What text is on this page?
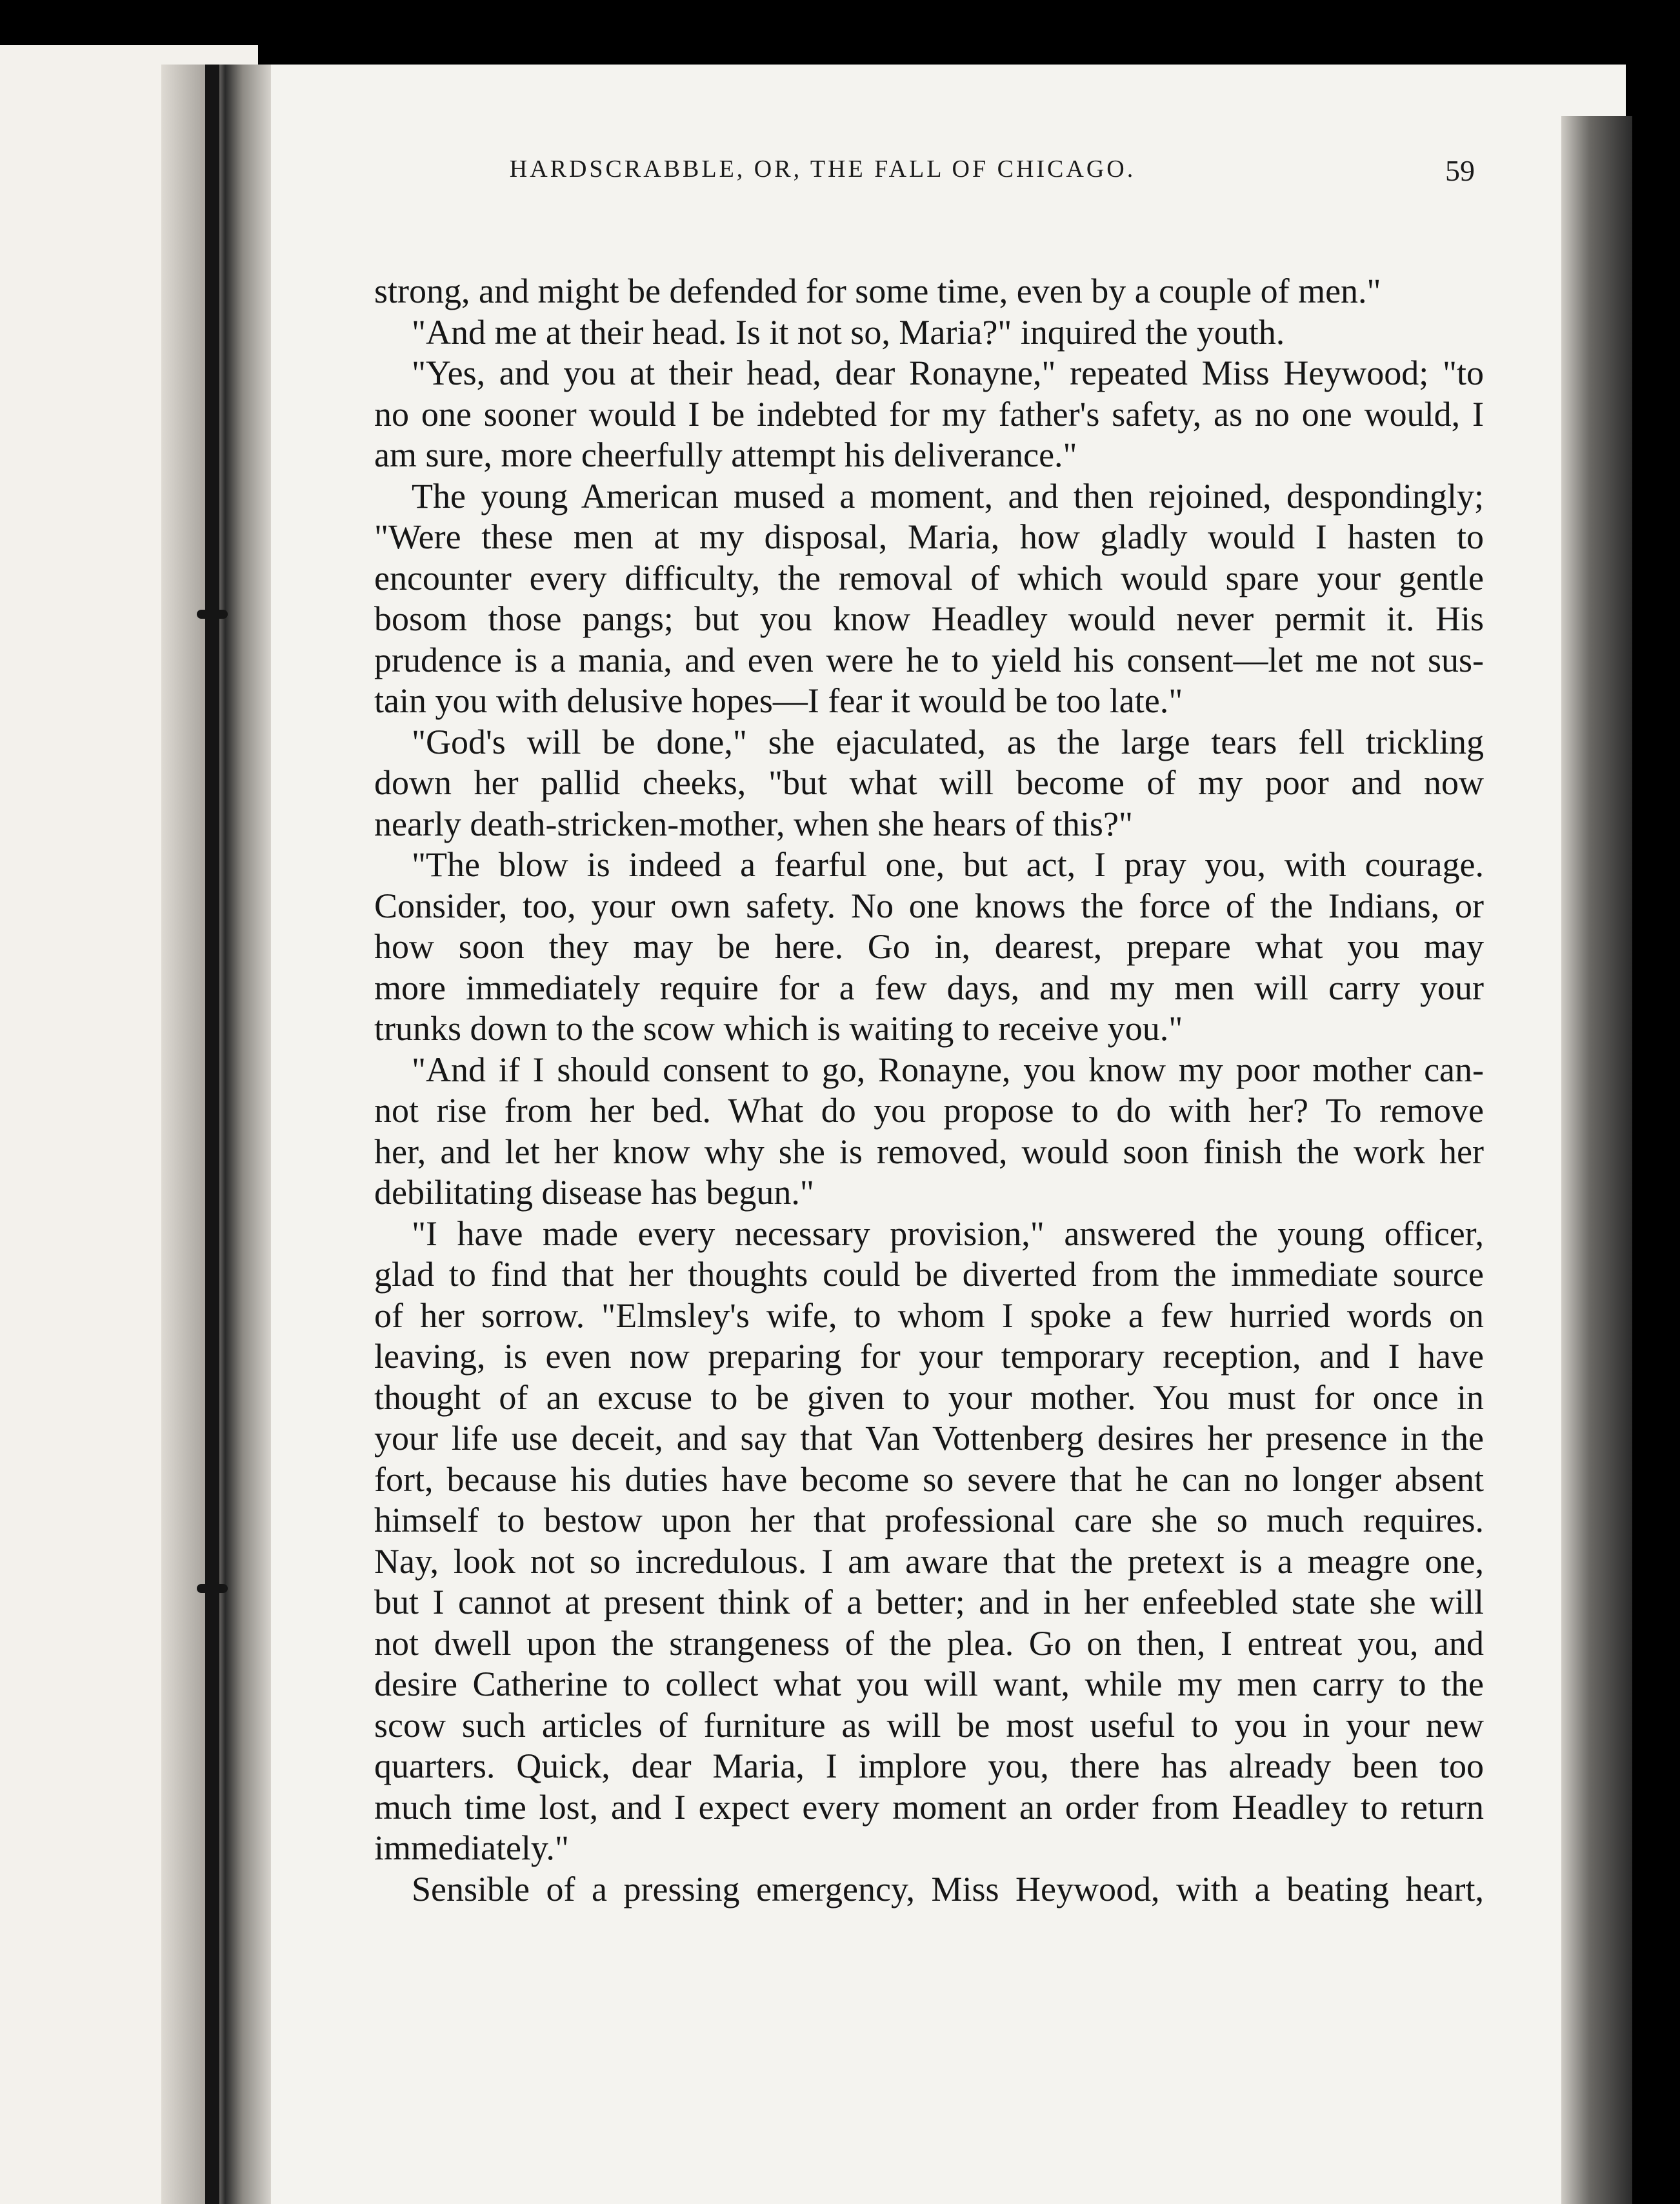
HARDSCRABBLE, OR, THE FALL OF CHICAGO.	59
strong, and might be defended for some time, even by a couple of men."
"And me at their head. Is it not so, Maria?" inquired the youth.
"Yes, and you at their head, dear Ronayne," repeated Miss Heywood; "to
no one sooner would I be indebted for my father's safety, as no one would, I
am sure, more cheerfully attempt his deliverance."
The young American mused a moment, and then rejoined, despondingly;
"Were these men at my disposal, Maria, how gladly would I hasten to
encounter every difficulty, the removal of which would spare your gentle
bosom those pangs; but you know Headley would never permit it. His
prudence is a mania, and even were he to yield his consent—let me not sus-
tain you with delusive hopes—I fear it would be too late."
"God's will be done," she ejaculated, as the large tears fell trickling
down her pallid cheeks, "but what will become of my poor and now
nearly death-stricken-mother, when she hears of this?"
"The blow is indeed a fearful one, but act, I pray you, with courage.
Consider, too, your own safety. No one knows the force of the Indians, or
how soon they may be here. Go in, dearest, prepare what you may
more immediately require for a few days, and my men will carry your
trunks down to the scow which is waiting to receive you."
"And if I should consent to go, Ronayne, you know my poor mother can-
not rise from her bed. What do you propose to do with her? To remove
her, and let her know why she is removed, would soon finish the work her
debilitating disease has begun."
"I have made every necessary provision," answered the young officer,
glad to find that her thoughts could be diverted from the immediate source
of her sorrow. "Elmsley's wife, to whom I spoke a few hurried words on
leaving, is even now preparing for your temporary reception, and I have
thought of an excuse to be given to your mother. You must for once in
your life use deceit, and say that Van Vottenberg desires her presence in the
fort, because his duties have become so severe that he can no longer absent
himself to bestow upon her that professional care she so much requires.
Nay, look not so incredulous. I am aware that the pretext is a meagre one,
but I cannot at present think of a better; and in her enfeebled state she will
not dwell upon the strangeness of the plea. Go on then, I entreat you, and
desire Catherine to collect what you will want, while my men carry to the
scow such articles of furniture as will be most useful to you in your new
quarters. Quick, dear Maria, I implore you, there has already been too
much time lost, and I expect every moment an order from Headley to return
immediately."
Sensible of a pressing emergency, Miss Heywood, with a beating heart,
